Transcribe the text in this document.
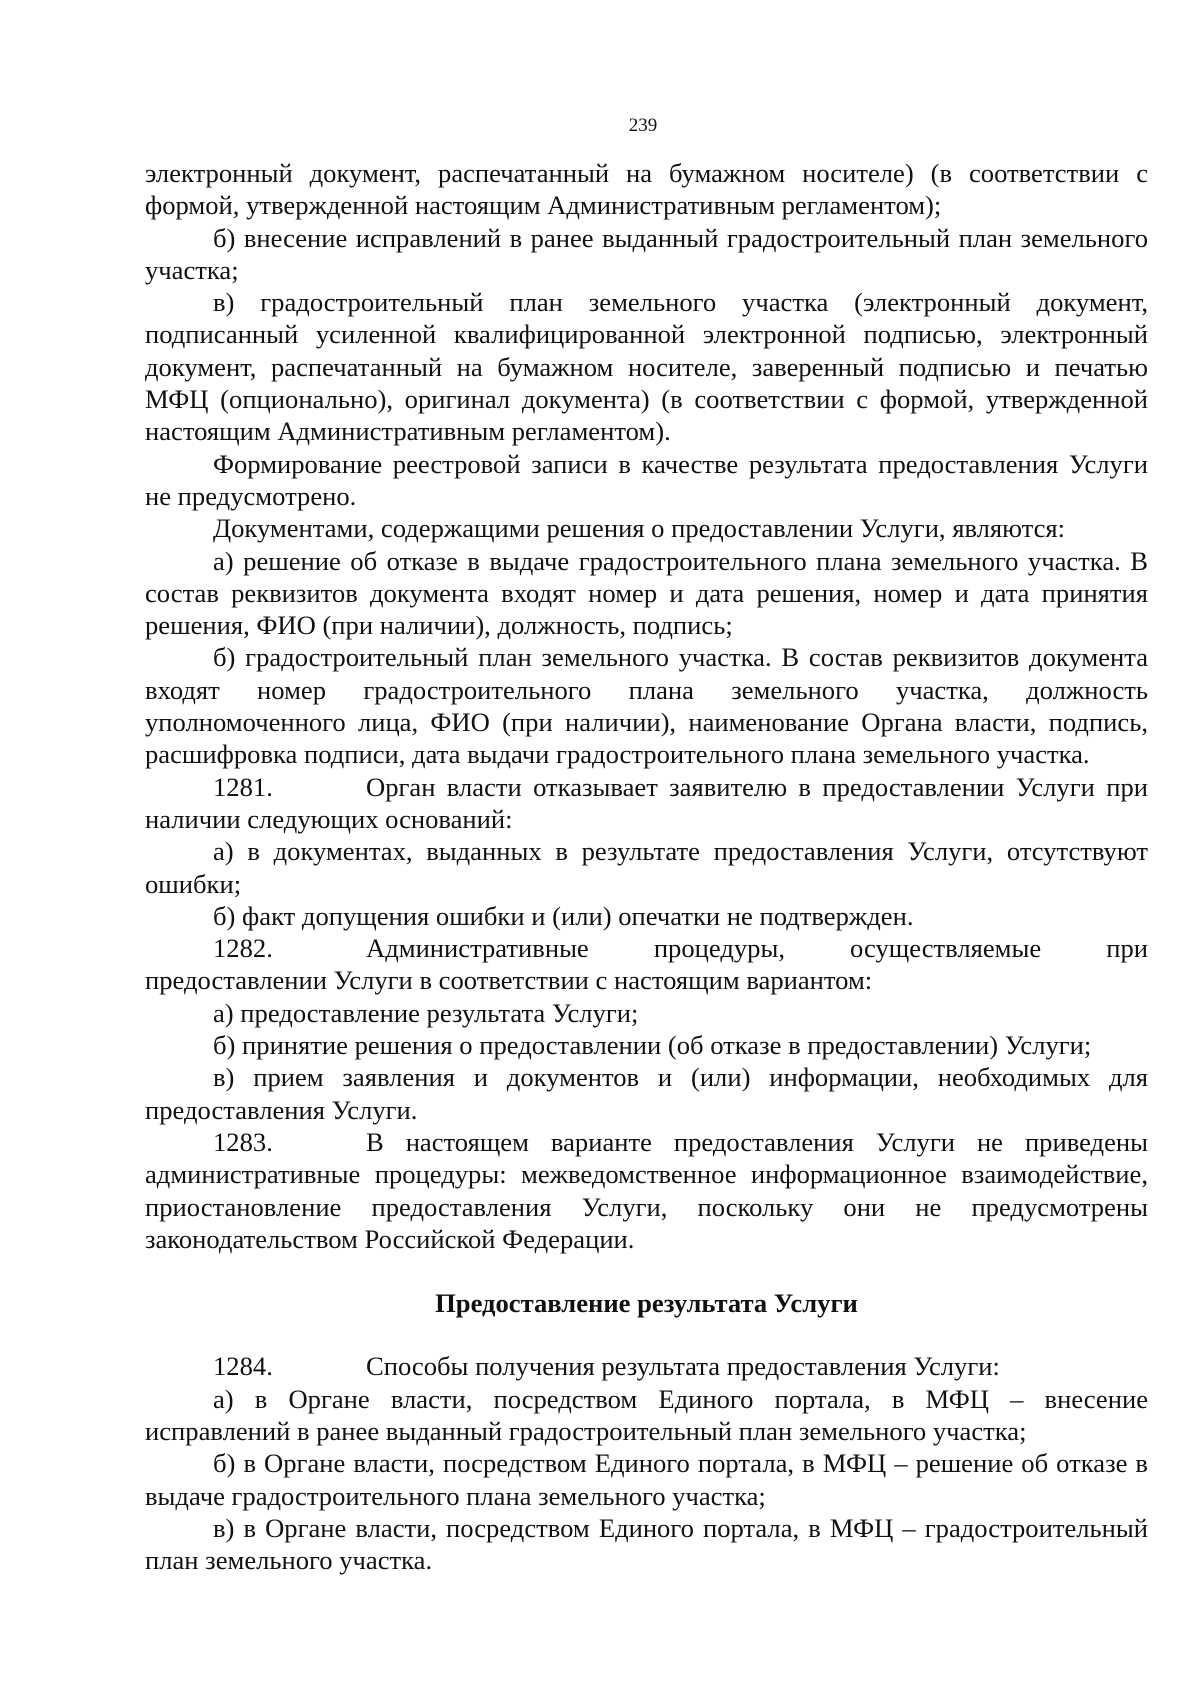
239

электронный документ, распечатанный на бумажном носителе) (в соответствии с формой, утвержденной настоящим Административным регламентом);

б) внесение исправлений в ранее выданный градостроительный план земельного участка;

в) градостроительный план земельного участка (электронный документ, подписанный усиленной квалифицированной электронной подписью, электронный документ, распечатанный на бумажном носителе, заверенный подписью и печатью МФЦ (опционально), оригинал документа) (в соответствии с формой, утвержденной настоящим Административным регламентом).

Формирование реестровой записи в качестве результата предоставления Услуги не предусмотрено.

Документами, содержащими решения о предоставлении Услуги, являются:

а) решение об отказе в выдаче градостроительного плана земельного участка. В состав реквизитов документа входят номер и дата решения, номер и дата принятия решения, ФИО (при наличии), должность, подпись;

б) градостроительный план земельного участка. В состав реквизитов документа входят номер градостроительного плана земельного участка, должность уполномоченного лица, ФИО (при наличии), наименование Органа власти, подпись, расшифровка подписи, дата выдачи градостроительного плана земельного участка.

1281.	Орган власти отказывает заявителю в предоставлении Услуги при наличии следующих оснований:

а) в документах, выданных в результате предоставления Услуги, отсутствуют ошибки;

б) факт допущения ошибки и (или) опечатки не подтвержден.

1282.	Административные процедуры, осуществляемые при предоставлении Услуги в соответствии с настоящим вариантом:

а) предоставление результата Услуги;

б) принятие решения о предоставлении (об отказе в предоставлении) Услуги;

в) прием заявления и документов и (или) информации, необходимых для предоставления Услуги.

1283.	В настоящем варианте предоставления Услуги не приведены административные процедуры: межведомственное информационное взаимодействие, приостановление предоставления Услуги, поскольку они не предусмотрены законодательством Российской Федерации.

Предоставление результата Услуги

1284.	Способы получения результата предоставления Услуги:

а) в Органе власти, посредством Единого портала, в МФЦ – внесение исправлений в ранее выданный градостроительный план земельного участка;

б) в Органе власти, посредством Единого портала, в МФЦ – решение об отказе в выдаче градостроительного плана земельного участка;

в) в Органе власти, посредством Единого портала, в МФЦ – градостроительный план земельного участка.
